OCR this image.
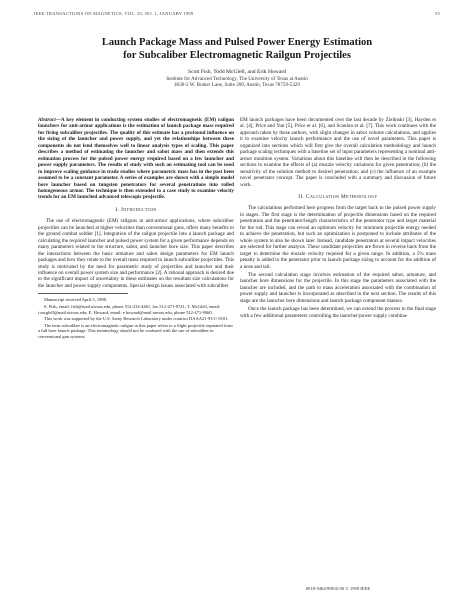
IEEE TRANSACTIONS ON MAGNETICS, VOL. 35, NO. 1, JANUARY 1999	55
Launch Package Mass and Pulsed Power Energy Estimation
for Subcaliber Electromagnetic Railgun Projectiles
Scott Fish, Todd McGlell, and Erik Howard
Institute for Advanced Technology, The University of Texas at Austin
4030-2 W. Braker Lane, Suite 200, Austin, Texas 78759-5329

Abstract—A key element in conducting system studies of electromagnetic (EM) railgun launchers for anti-armor applications is the estimation of launch package mass required for firing subcaliber projectiles. The quality of this estimate has a profound influence on the sizing of the launcher and power supply, and yet the relationships between these components do not lend themselves well to linear analysis types of scaling. This paper describes a method of estimating the launcher and sabot mass and then extends this estimation process for the pulsed power energy required based on a few launcher and power supply parameters. The results of study with such an estimating tool can be used to improve scaling guidance in trade studies where parametric mass has in the past been assumed to be a constant parameter. A series of examples are shown with a simple model bore launcher based on tungsten penetrators for several penetrations into rolled homogeneous armor. The technique is then extended to a case study to examine velocity trends for an EM launched advanced telescopic projectile.

I. Introduction

The use of electromagnetic (EM) railguns in anti-armor applications, where subcaliber projectiles can be launched at higher velocities than conventional guns, offers many benefits to the ground combat soldier [1]. Integration of the railgun projectile into a launch package and calculating the required launcher and pulsed power system for a given performance depends on many parameters related to the structure, sabot, and launcher bore size. This paper describes the interactions between the basic armature and sabot design parameters for EM launch packages and how they relate to the overall mass required to launch subcaliber projectiles. This study is motivated by the need for parametric study of projectiles and launcher and their influence on overall power system size and performance [2]. A rational approach is desired due to the significant impact of uncertainty in these estimates on the resultant size calculations for the launcher and power supply components. Special design issues associated with subcaliber

Manuscript received April 5, 1998.

S. Fish, email: fish@mail.utexas.edu, phone 512-232-4461, fax 512-471-0741; T. McGlell, email: t.mcglell@mail.utexas.edu; E. Howard, email: e.howard@mail.utexas.edu, phone 512-471-9060.

This work was supported by the U.S. Army Research Laboratory under contract DAAA21-93-C-0101.

The term subcaliber is an electromagnetic railgun in this paper refers to a flight projectile separated from a full bore launch package. This terminology should not be confused with the use of subcaliber in conventional gun systems.

EM launch packages have been documented over the last decade by Zielinski [3], Hayden et al. [4], Price and Yun [5], Price et al. [6], and Scanlon et al. [7]. This work continues with the approach taken by these authors, with slight changes in sabot volume calculations, and applies it to examine velocity launch performance and the use of novel parameters. This paper is organized into sections which will first give the overall calculation methodology and launch package scaling techniques with a baseline set of input parameters representing a nominal anti-armor munition system. Variations about this baseline will then be described in the following sections to examine the effects of (a) muzzle velocity variations for given penetration; (b) the sensitivity of the solution method to desired penetration; and (c) the influence of an example novel penetrator concept. The paper is concluded with a summary and discussion of future work.

II. Calculation Methodology

The calculations performed here progress from the target back to the pulsed power supply in stages. The first stage is the determination of projectile dimensions based on the required penetration and the penetrator/length characteristics of the penetrator type and target material for the rod. This stage can reveal an optimum velocity for minimum projectile energy needed to achieve the penetration, but such an optimization is postponed to include attributes of the whole system to also be shown later. Instead, candidate penetrators at several impact velocities are selected for further analysis. These candidate projectiles are flown in reverse back from the target to determine the muzzle velocity required for a given range. In addition, a 5% mass penalty is added to the penetrator prior to launch package sizing to account for the addition of a nose and tail.

The second calculation stage involves estimation of the required sabot, armature, and launcher bore dimensions for the projectile. In this stage the parameters associated with the launcher are included, and the path to mass acceleration associated with the combination of power supply and launcher is incorporated as described in the next section. The results of this stage are the launcher bore dimensions and launch package component masses.

Once the launch package has been determined, we can extend the process to the final stage with a few additional parameters controlling the launcher/power supply combina-

0018-9464/99$10.00 © 1999 IEEE
